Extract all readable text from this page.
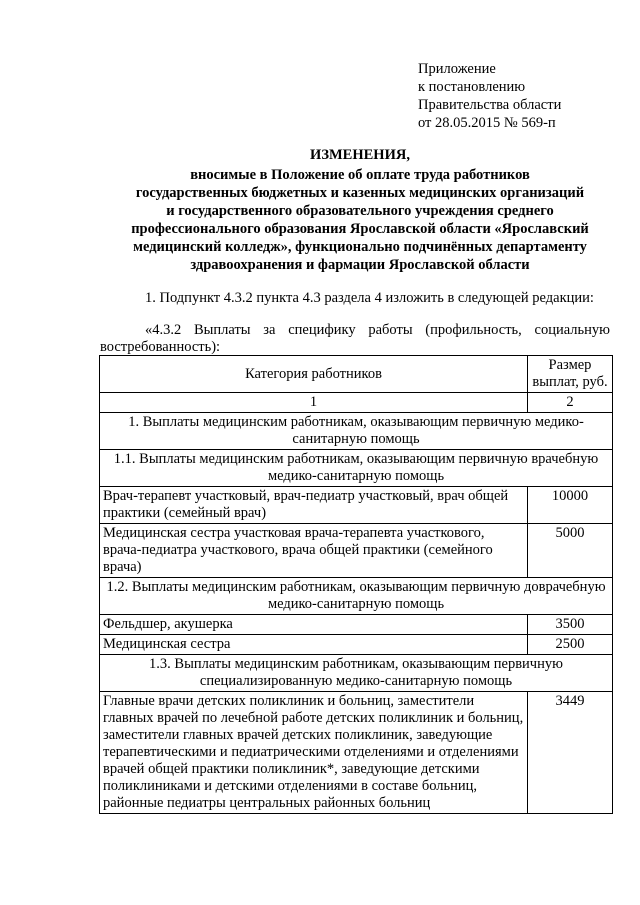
Приложение
к постановлению
Правительства области
от 28.05.2015 № 569-п
ИЗМЕНЕНИЯ,
вносимые в Положение об оплате труда работников
государственных бюджетных и казенных медицинских организаций
и государственного образовательного учреждения среднего
профессионального образования Ярославской области «Ярославский
медицинский колледж», функционально подчинённых департаменту
здравоохранения и фармации Ярославской области
1. Подпункт 4.3.2 пункта 4.3 раздела 4 изложить в следующей редакции:
«4.3.2 Выплаты за специфику работы (профильность, социальную востребованность):
Категория работников	Размер выплат, руб.
1	2
1. Выплаты медицинским работникам, оказывающим первичную медико-санитарную помощь	
1.1. Выплаты медицинским работникам, оказывающим первичную врачебную медико-санитарную помощь	
Врач-терапевт участковый, врач-педиатр участковый, врач общей практики (семейный врач)	10000
Медицинская сестра участковая врача-терапевта участкового, врача-педиатра участкового, врача общей практики (семейного врача)	5000
1.2. Выплаты медицинским работникам, оказывающим первичную доврачебную медико-санитарную помощь	
Фельдшер, акушерка	3500
Медицинская сестра	2500
1.3. Выплаты медицинским работникам, оказывающим первичную специализированную медико-санитарную помощь	
Главные врачи детских поликлиник и больниц, заместители главных врачей по лечебной работе детских поликлиник и больниц, заместители главных врачей детских поликлиник, заведующие терапевтическими и педиатрическими отделениями и отделениями врачей общей практики поликлиник*, заведующие детскими поликлиниками и детскими отделениями в составе больниц, районные педиатры центральных районных больниц	3449
